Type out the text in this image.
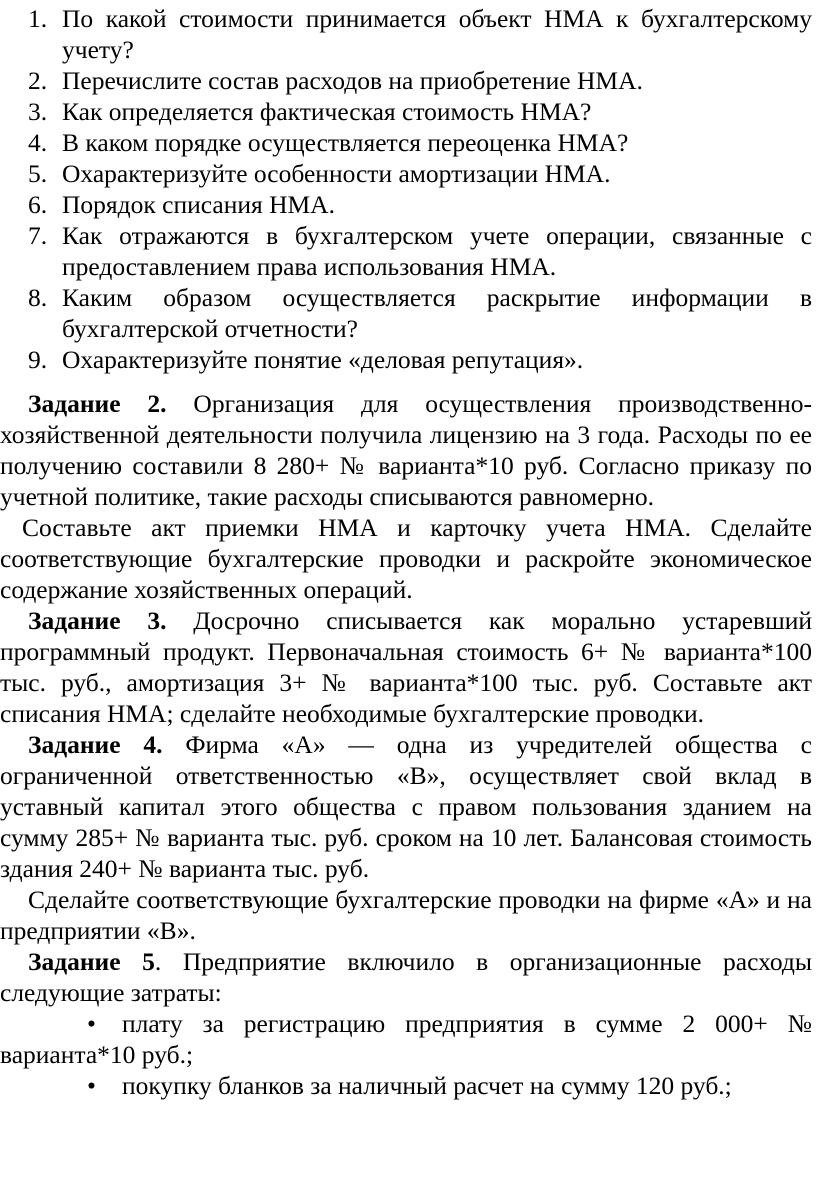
1. По какой стоимости принимается объект НМА к бухгалтерскому учету?
2. Перечислите состав расходов на приобретение НМА.
3. Как определяется фактическая стоимость НМА?
4. В каком порядке осуществляется переоценка НМА?
5. Охарактеризуйте особенности амортизации НМА.
6. Порядок списания НМА.
7. Как отражаются в бухгалтерском учете операции, связанные с предоставлением права использования НМА.
8. Каким образом осуществляется раскрытие информации в бухгалтерской отчетности?
9. Охарактеризуйте понятие «деловая репутация».

Задание 2. Организация для осуществления производственно-хозяйственной деятельности получила лицензию на 3 года. Расходы по ее получению составили 8 280+ № варианта*10 руб. Согласно приказу по учетной политике, такие расходы списываются равномерно.

Составьте акт приемки НМА и карточку учета НМА. Сделайте соответствующие бухгалтерские проводки и раскройте экономическое содержание хозяйственных операций.

Задание 3. Досрочно списывается как морально устаревший программный продукт. Первоначальная стоимость 6+ № варианта*100 тыс. руб., амортизация 3+ № варианта*100 тыс. руб. Составьте акт списания НМА; сделайте необходимые бухгалтерские проводки.

Задание 4. Фирма «А» — одна из учредителей общества с ограниченной ответственностью «В», осуществляет свой вклад в уставный капитал этого общества с правом пользования зданием на сумму 285+ № варианта тыс. руб. сроком на 10 лет. Балансовая стоимость здания 240+ № варианта тыс. руб.

Сделайте соответствующие бухгалтерские проводки на фирме «А» и на предприятии «В».

Задание 5. Предприятие включило в организационные расходы следующие затраты:

• плату за регистрацию предприятия в сумме 2 000+ № варианта*10 руб.;
• покупку бланков за наличный расчет на сумму 120 руб.;
